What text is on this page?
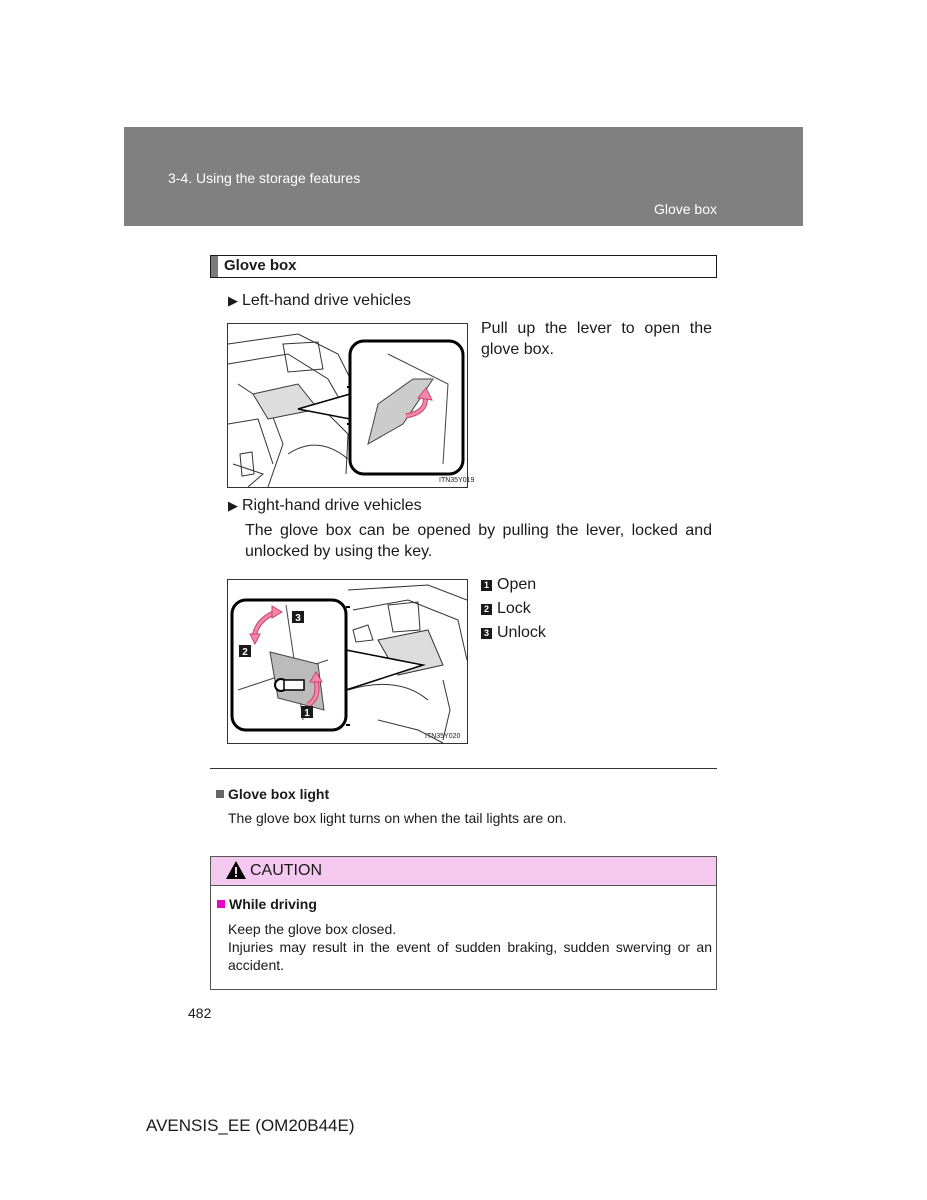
3-4. Using the storage features
Glove box
Glove box
▶ Left-hand drive vehicles
ITN35Y019
Pull up the lever to open the glove box.
▶ Right-hand drive vehicles
The glove box can be opened by pulling the lever, locked and unlocked by using the key.
3
2
1
ITN35Y020
1 Open
2 Lock
3 Unlock
Glove box light
The glove box light turns on when the tail lights are on.
CAUTION
While driving
Keep the glove box closed.
Injuries may result in the event of sudden braking, sudden swerving or an accident.
482
AVENSIS_EE (OM20B44E)
